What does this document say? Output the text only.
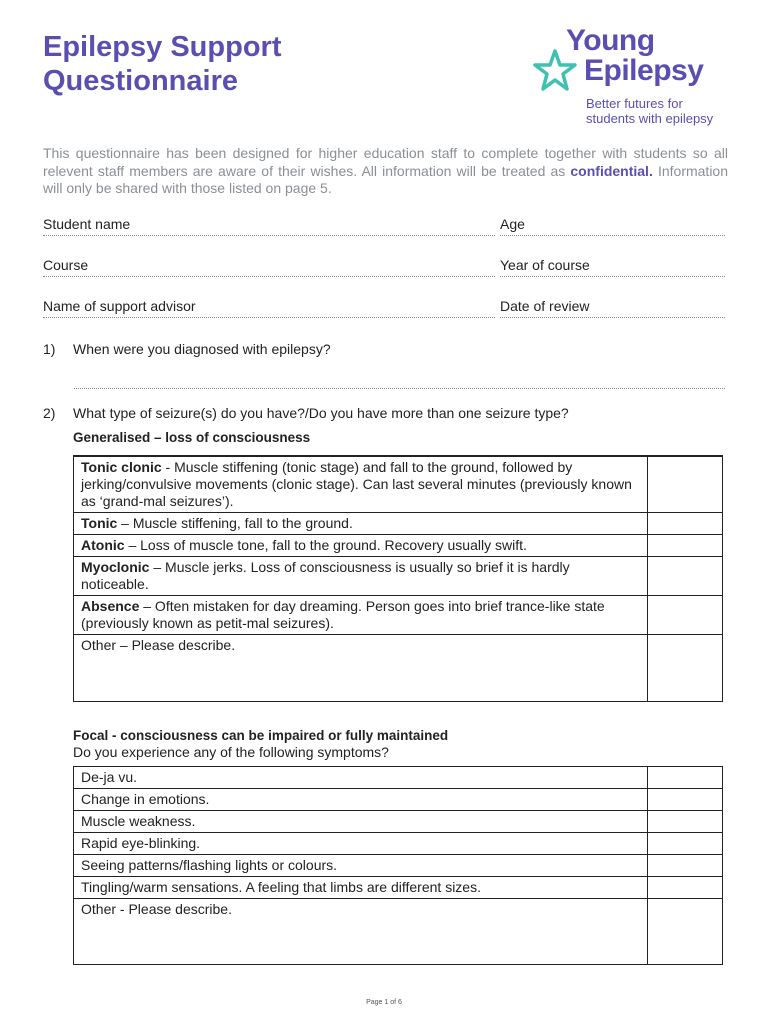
Epilepsy Support
Questionnaire
Young
Epilepsy
Better futures for
students with epilepsy
This questionnaire has been designed for higher education staff to complete together with students so all relevent staff members are aware of their wishes. All information will be treated as confidential. Information will only be shared with those listed on page 5.
Student name	Age
Course	Year of course
Name of support advisor	Date of review
1) When were you diagnosed with epilepsy?
2) What type of seizure(s) do you have?/Do you have more than one seizure type?
Generalised – loss of consciousness
Tonic clonic - Muscle stiffening (tonic stage) and fall to the ground, followed by jerking/convulsive movements (clonic stage). Can last several minutes (previously known as ‘grand-mal seizures’).	
Tonic – Muscle stiffening, fall to the ground.	
Atonic – Loss of muscle tone, fall to the ground. Recovery usually swift.	
Myoclonic – Muscle jerks. Loss of consciousness is usually so brief it is hardly noticeable.	
Absence – Often mistaken for day dreaming. Person goes into brief trance-like state (previously known as petit-mal seizures).	
Other – Please describe.	
Focal - consciousness can be impaired or fully maintained
Do you experience any of the following symptoms?
De-ja vu.	
Change in emotions.	
Muscle weakness.	
Rapid eye-blinking.	
Seeing patterns/flashing lights or colours.	
Tingling/warm sensations. A feeling that limbs are different sizes.	
Other - Please describe.	
Page 1 of 6
